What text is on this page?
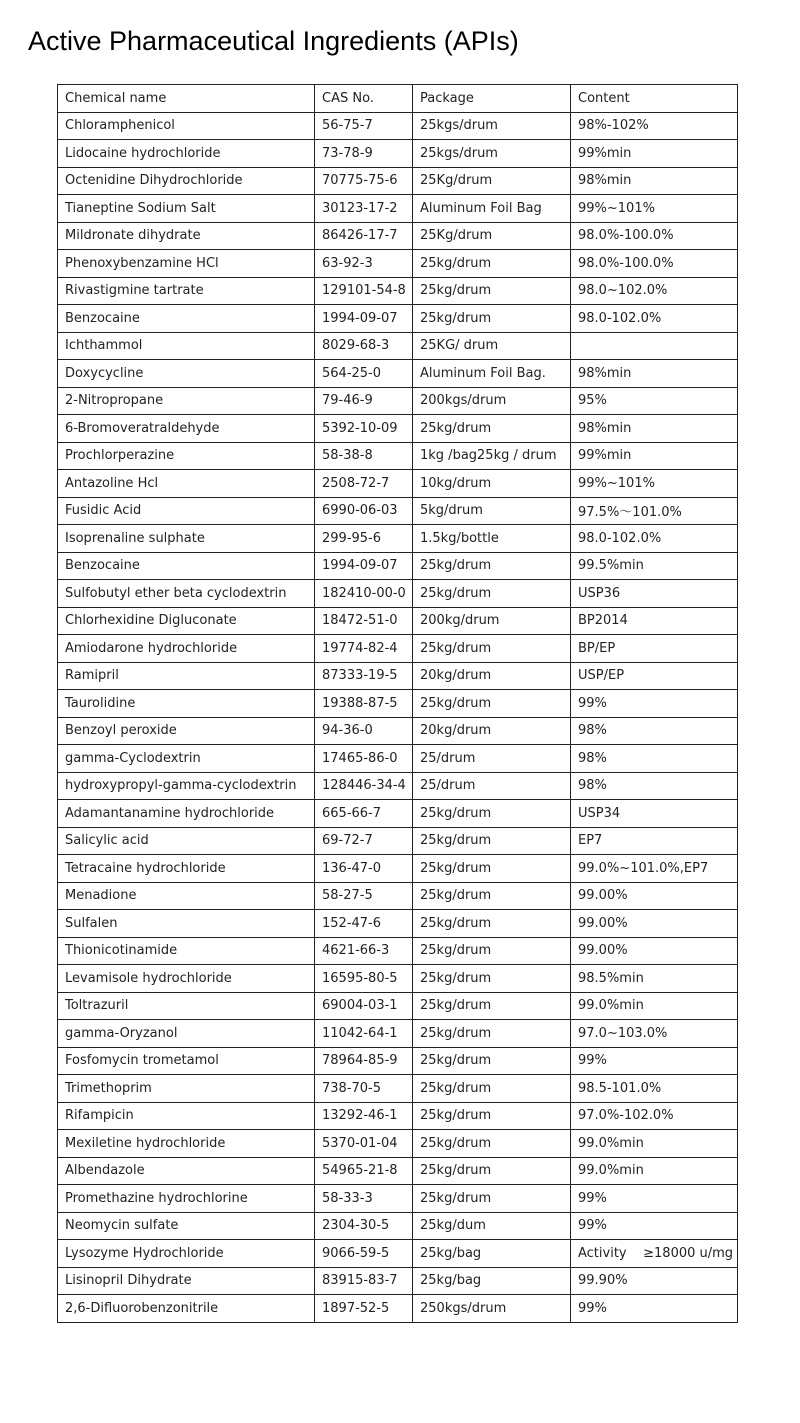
Active Pharmaceutical Ingredients (APIs)
Chemical name	CAS No.	Package	Content
Chloramphenicol	56-75-7	25kgs/drum	98%-102%
Lidocaine hydrochloride	73-78-9	25kgs/drum	99%min
Octenidine Dihydrochloride	70775-75-6	25Kg/drum	98%min
Tianeptine Sodium Salt	30123-17-2	Aluminum Foil Bag	99%~101%
Mildronate dihydrate	86426-17-7	25Kg/drum	98.0%-100.0%
Phenoxybenzamine HCl	63-92-3	25kg/drum	98.0%-100.0%
Rivastigmine tartrate	129101-54-8	25kg/drum	98.0~102.0%
Benzocaine	1994-09-07	25kg/drum	98.0-102.0%
Ichthammol	8029-68-3	25KG/ drum	
Doxycycline	564-25-0	Aluminum Foil Bag.	98%min
2-Nitropropane	79-46-9	200kgs/drum	95%
6-Bromoveratraldehyde	5392-10-09	25kg/drum	98%min
Prochlorperazine	58-38-8	1kg /bag25kg / drum	99%min
Antazoline Hcl	2508-72-7	10kg/drum	99%~101%
Fusidic Acid	6990-06-03	5kg/drum	97.5%～101.0%
Isoprenaline sulphate	299-95-6	1.5kg/bottle	98.0-102.0%
Benzocaine	1994-09-07	25kg/drum	99.5%min
Sulfobutyl ether beta cyclodextrin	182410-00-0	25kg/drum	USP36
Chlorhexidine Digluconate	18472-51-0	200kg/drum	BP2014
Amiodarone hydrochloride	19774-82-4	25kg/drum	BP/EP
Ramipril	87333-19-5	20kg/drum	USP/EP
Taurolidine	19388-87-5	25kg/drum	99%
Benzoyl peroxide	94-36-0	20kg/drum	98%
gamma-Cyclodextrin	17465-86-0	25/drum	98%
hydroxypropyl-gamma-cyclodextrin	128446-34-4	25/drum	98%
Adamantanamine hydrochloride	665-66-7	25kg/drum	USP34
Salicylic acid	69-72-7	25kg/drum	EP7
Tetracaine hydrochloride	136-47-0	25kg/drum	99.0%~101.0%,EP7
Menadione	58-27-5	25kg/drum	99.00%
Sulfalen	152-47-6	25kg/drum	99.00%
Thionicotinamide	4621-66-3	25kg/drum	99.00%
Levamisole hydrochloride	16595-80-5	25kg/drum	98.5%min
Toltrazuril	69004-03-1	25kg/drum	99.0%min
gamma-Oryzanol	11042-64-1	25kg/drum	97.0~103.0%
Fosfomycin trometamol	78964-85-9	25kg/drum	99%
Trimethoprim	738-70-5	25kg/drum	98.5-101.0%
Rifampicin	13292-46-1	25kg/drum	97.0%-102.0%
Mexiletine hydrochloride	5370-01-04	25kg/drum	99.0%min
Albendazole	54965-21-8	25kg/drum	99.0%min
Promethazine hydrochlorine	58-33-3	25kg/drum	99%
Neomycin sulfate	2304-30-5	25kg/dum	99%
Lysozyme Hydrochloride	9066-59-5	25kg/bag	Activity    ≥18000 u/mg
Lisinopril Dihydrate	83915-83-7	25kg/bag	99.90%
2,6-Difluorobenzonitrile	1897-52-5	250kgs/drum	99%
